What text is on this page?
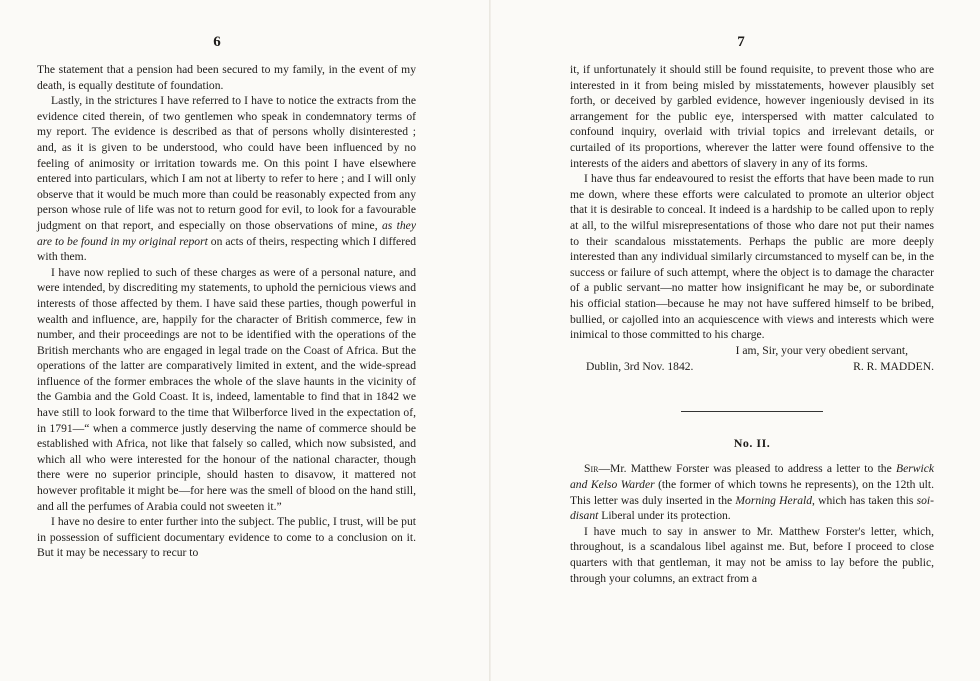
6

The statement that a pension had been secured to my family, in the event of my death, is equally destitute of foundation.

Lastly, in the strictures I have referred to I have to notice the extracts from the evidence cited therein, of two gentlemen who speak in condemnatory terms of my report. The evidence is described as that of persons wholly disinterested ; and, as it is given to be understood, who could have been influenced by no feeling of animosity or irritation towards me. On this point I have elsewhere entered into particulars, which I am not at liberty to refer to here ; and I will only observe that it would be much more than could be reasonably expected from any person whose rule of life was not to return good for evil, to look for a favourable judgment on that report, and especially on those observations of mine, as they are to be found in my original report on acts of theirs, respecting which I differed with them.

I have now replied to such of these charges as were of a personal nature, and were intended, by discrediting my statements, to uphold the pernicious views and interests of those affected by them. I have said these parties, though powerful in wealth and influence, are, happily for the character of British commerce, few in number, and their proceedings are not to be identified with the operations of the British merchants who are engaged in legal trade on the Coast of Africa. But the operations of the latter are comparatively limited in extent, and the wide-spread influence of the former embraces the whole of the slave haunts in the vicinity of the Gambia and the Gold Coast. It is, indeed, lamentable to find that in 1842 we have still to look forward to the time that Wilberforce lived in the expectation of, in 1791—“ when a commerce justly deserving the name of commerce should be established with Africa, not like that falsely so called, which now subsisted, and which all who were interested for the honour of the national character, though there were no superior principle, should hasten to disavow, it mattered not however profitable it might be—for here was the smell of blood on the hand still, and all the perfumes of Arabia could not sweeten it.”

I have no desire to enter further into the subject. The public, I trust, will be put in possession of sufficient documentary evidence to come to a conclusion on it. But it may be necessary to recur to

7

it, if unfortunately it should still be found requisite, to prevent those who are interested in it from being misled by misstatements, however plausibly set forth, or deceived by garbled evidence, however ingeniously devised in its arrangement for the public eye, interspersed with matter calculated to confound inquiry, overlaid with trivial topics and irrelevant details, or curtailed of its proportions, wherever the latter were found offensive to the interests of the aiders and abettors of slavery in any of its forms.

I have thus far endeavoured to resist the efforts that have been made to run me down, where these efforts were calculated to promote an ulterior object that it is desirable to conceal. It indeed is a hardship to be called upon to reply at all, to the wilful misrepresentations of those who dare not put their names to their scandalous misstatements. Perhaps the public are more deeply interested than any individual similarly circumstanced to myself can be, in the success or failure of such attempt, where the object is to damage the character of a public servant—no matter how insignificant he may be, or subordinate his official station—because he may not have suffered himself to be bribed, bullied, or cajolled into an acquiescence with views and interests which were inimical to those committed to his charge.

I am, Sir, your very obedient servant,
Dublin, 3rd Nov. 1842.	R. R. MADDEN.
No. II.

Sir—Mr. Matthew Forster was pleased to address a letter to the Berwick and Kelso Warder (the former of which towns he represents), on the 12th ult. This letter was duly inserted in the Morning Herald, which has taken this soi-disant Liberal under its protection.

I have much to say in answer to Mr. Matthew Forster's letter, which, throughout, is a scandalous libel against me. But, before I proceed to close quarters with that gentleman, it may not be amiss to lay before the public, through your columns, an extract from a
